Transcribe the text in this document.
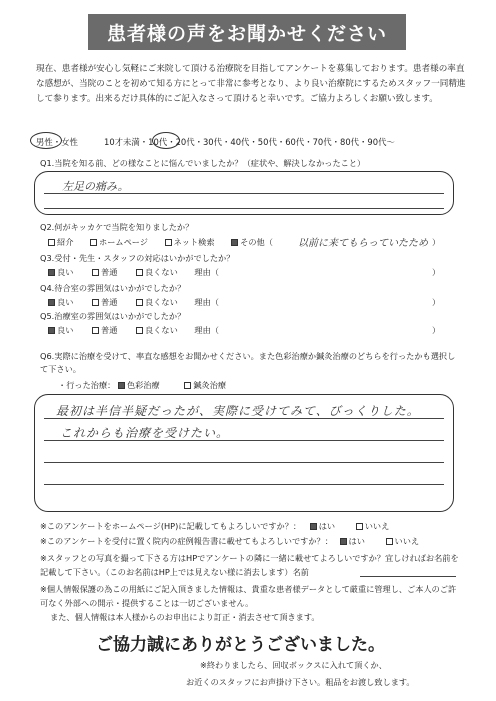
患者様の声をお聞かせください
現在、患者様が安心し気軽にご来院して頂ける治療院を目指してアンケートを募集しております。患者様の率直な感想が、当院のことを初めて知る方にとって非常に参考となり、より良い治療院にするためスタッフ一同精進して参ります。出来るだけ具体的にご記入なさって頂けると幸いです。ご協力よろしくお願い致します。
男性・女性	10才未満・10代・20代・30代・40代・50代・60代・70代・80代・90代〜
Q1.当院を知る前、どの様なことに悩んでいましたか？（症状や、解決しなかったこと）
左足の痛み。
Q2.何がキッカケで当院を知りましたか？
紹介	ホームページ	ネット検索	その他（	以前に来てもらっていたため ）
Q3.受付・先生・スタッフの対応はいかがでしたか？
良い	普通	良くない 理由（	）
Q4.待合室の雰囲気はいかがでしたか？
良い	普通	良くない 理由（	）
Q5.治療室の雰囲気はいかがでしたか？
良い	普通	良くない 理由（	）
Q6.実際に治療を受けて、率直な感想をお聞かせください。また色彩治療か鍼灸治療のどちらを行ったかも選択して下さい。
・行った治療： 色彩治療	鍼灸治療
最初は半信半疑だったが、実際に受けてみて、びっくりした。
これからも治療を受けたい。
※このアンケートをホームページ(HP)に記載してもよろしいですか？： はい	いいえ
※このアンケートを受付に置く院内の症例報告書に載せてもよろしいですか？： はい	いいえ
※スタッフとの写真を撮って下さる方はHPでアンケートの隣に一緒に載せてよろしいですか？宜しければお名前を記載して下さい。（このお名前はHP上では見えない様に消去します）名前
※個人情報保護の為この用紙にご記入頂きました情報は、貴重な患者様データとして厳重に管理し、ご本人のご許可なく外部への開示・提供することは一切ございません。
また、個人情報は本人様からのお申出により訂正・消去させて頂きます。
ご協力誠にありがとうございました。
※終わりましたら、回収ボックスに入れて頂くか、
お近くのスタッフにお声掛け下さい。粗品をお渡し致します。
